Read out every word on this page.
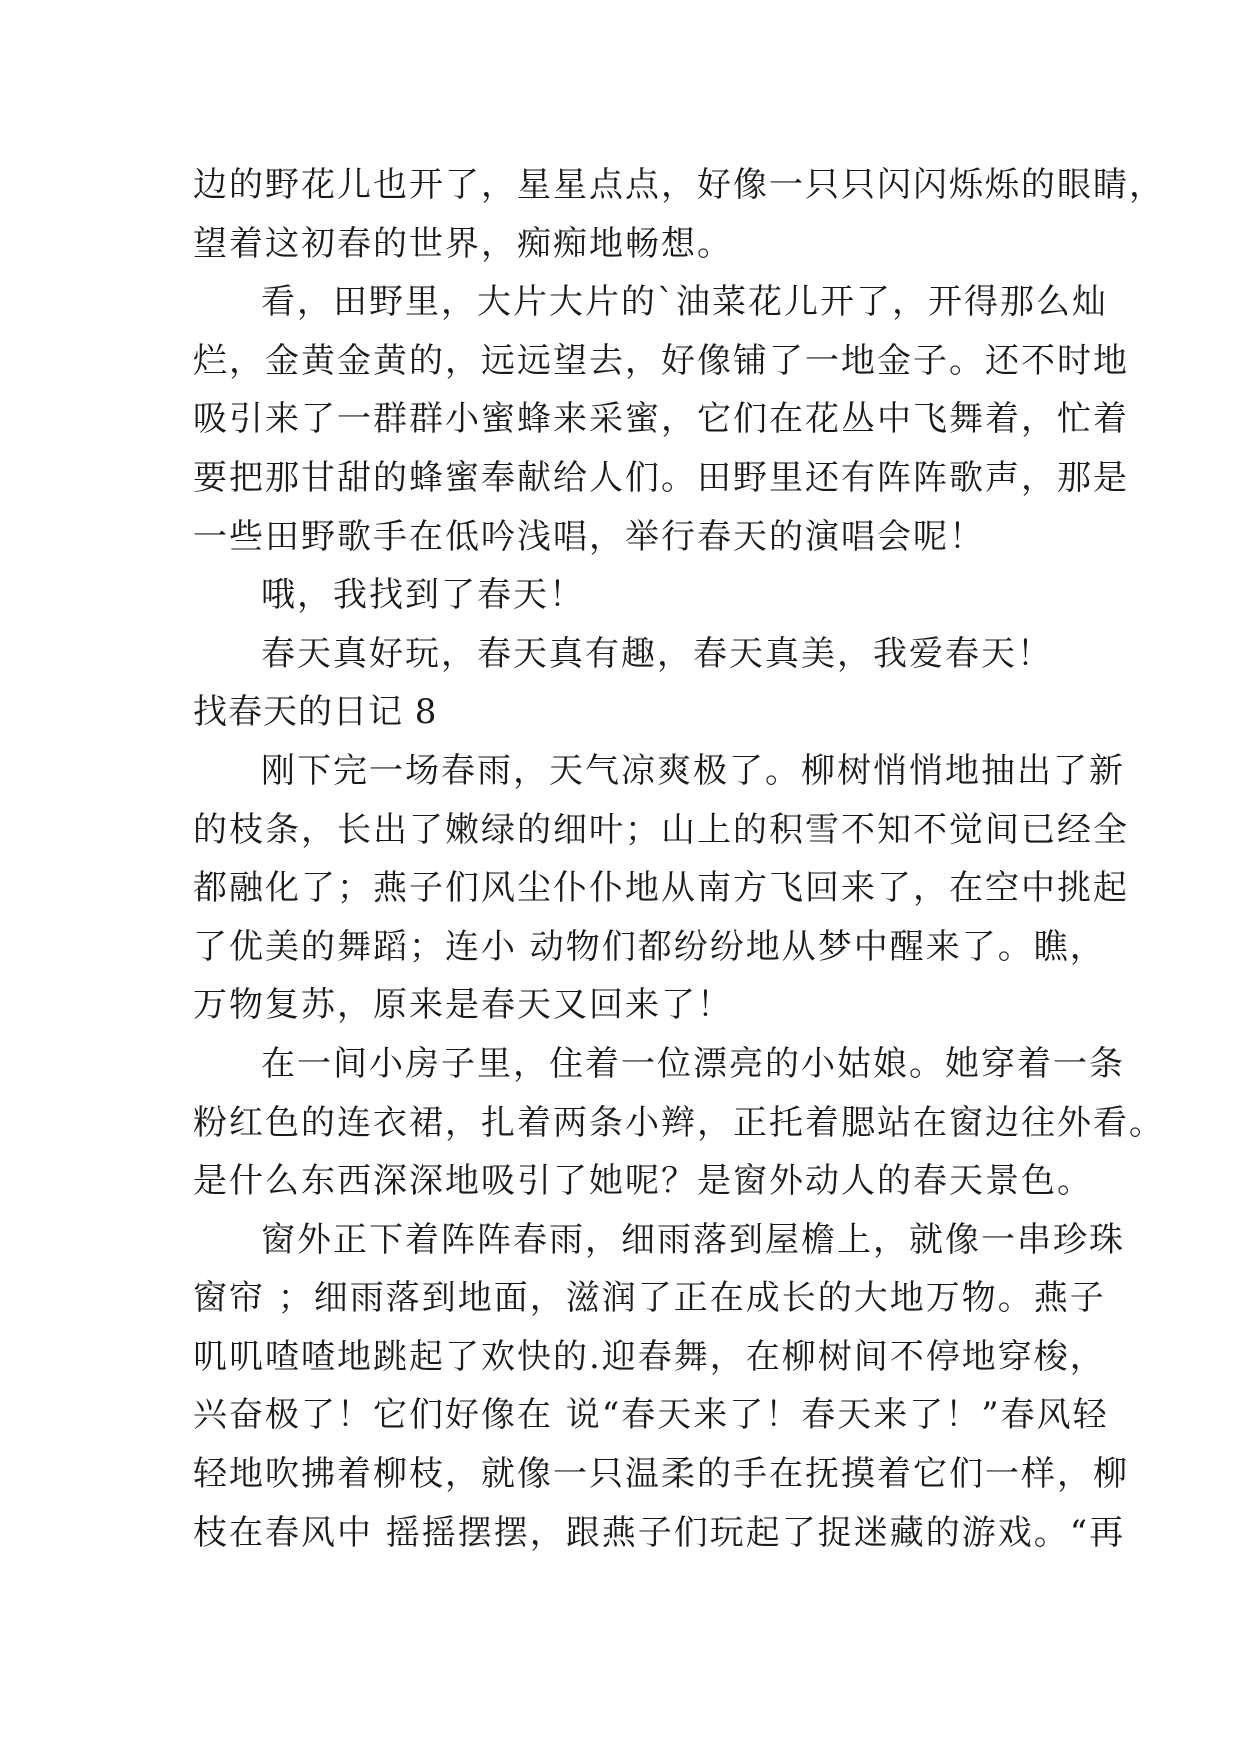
边的野花儿也开了，星星点点，好像一只只闪闪烁烁的眼睛，
望着这初春的世界，痴痴地畅想。
看，田野里，大片大片的`油菜花儿开了，开得那么灿
烂，金黄金黄的，远远望去，好像铺了一地金子。还不时地
吸引来了一群群小蜜蜂来采蜜，它们在花丛中飞舞着，忙着
要把那甘甜的蜂蜜奉献给人们。田野里还有阵阵歌声，那是
一些田野歌手在低吟浅唱，举行春天的演唱会呢！
哦，我找到了春天！
春天真好玩，春天真有趣，春天真美，我爱春天！
找春天的日记 8
刚下完一场春雨，天气凉爽极了。柳树悄悄地抽出了新
的枝条，长出了嫩绿的细叶；山上的积雪不知不觉间已经全
都融化了；燕子们风尘仆仆地从南方飞回来了，在空中挑起
了优美的舞蹈；连小 动物们都纷纷地从梦中醒来了。瞧，
万物复苏，原来是春天又回来了！
在一间小房子里，住着一位漂亮的小姑娘。她穿着一条
粉红色的连衣裙，扎着两条小辫，正托着腮站在窗边往外看。
是什么东西深深地吸引了她呢？是窗外动人的春天景色。
窗外正下着阵阵春雨，细雨落到屋檐上，就像一串珍珠
窗帘 ；细雨落到地面，滋润了正在成长的大地万物。燕子
叽叽喳喳地跳起了欢快的.迎春舞，在柳树间不停地穿梭，
兴奋极了！它们好像在 说“春天来了！春天来了！”春风轻
轻地吹拂着柳枝，就像一只温柔的手在抚摸着它们一样，柳
枝在春风中 摇摇摆摆，跟燕子们玩起了捉迷藏的游戏。“再
